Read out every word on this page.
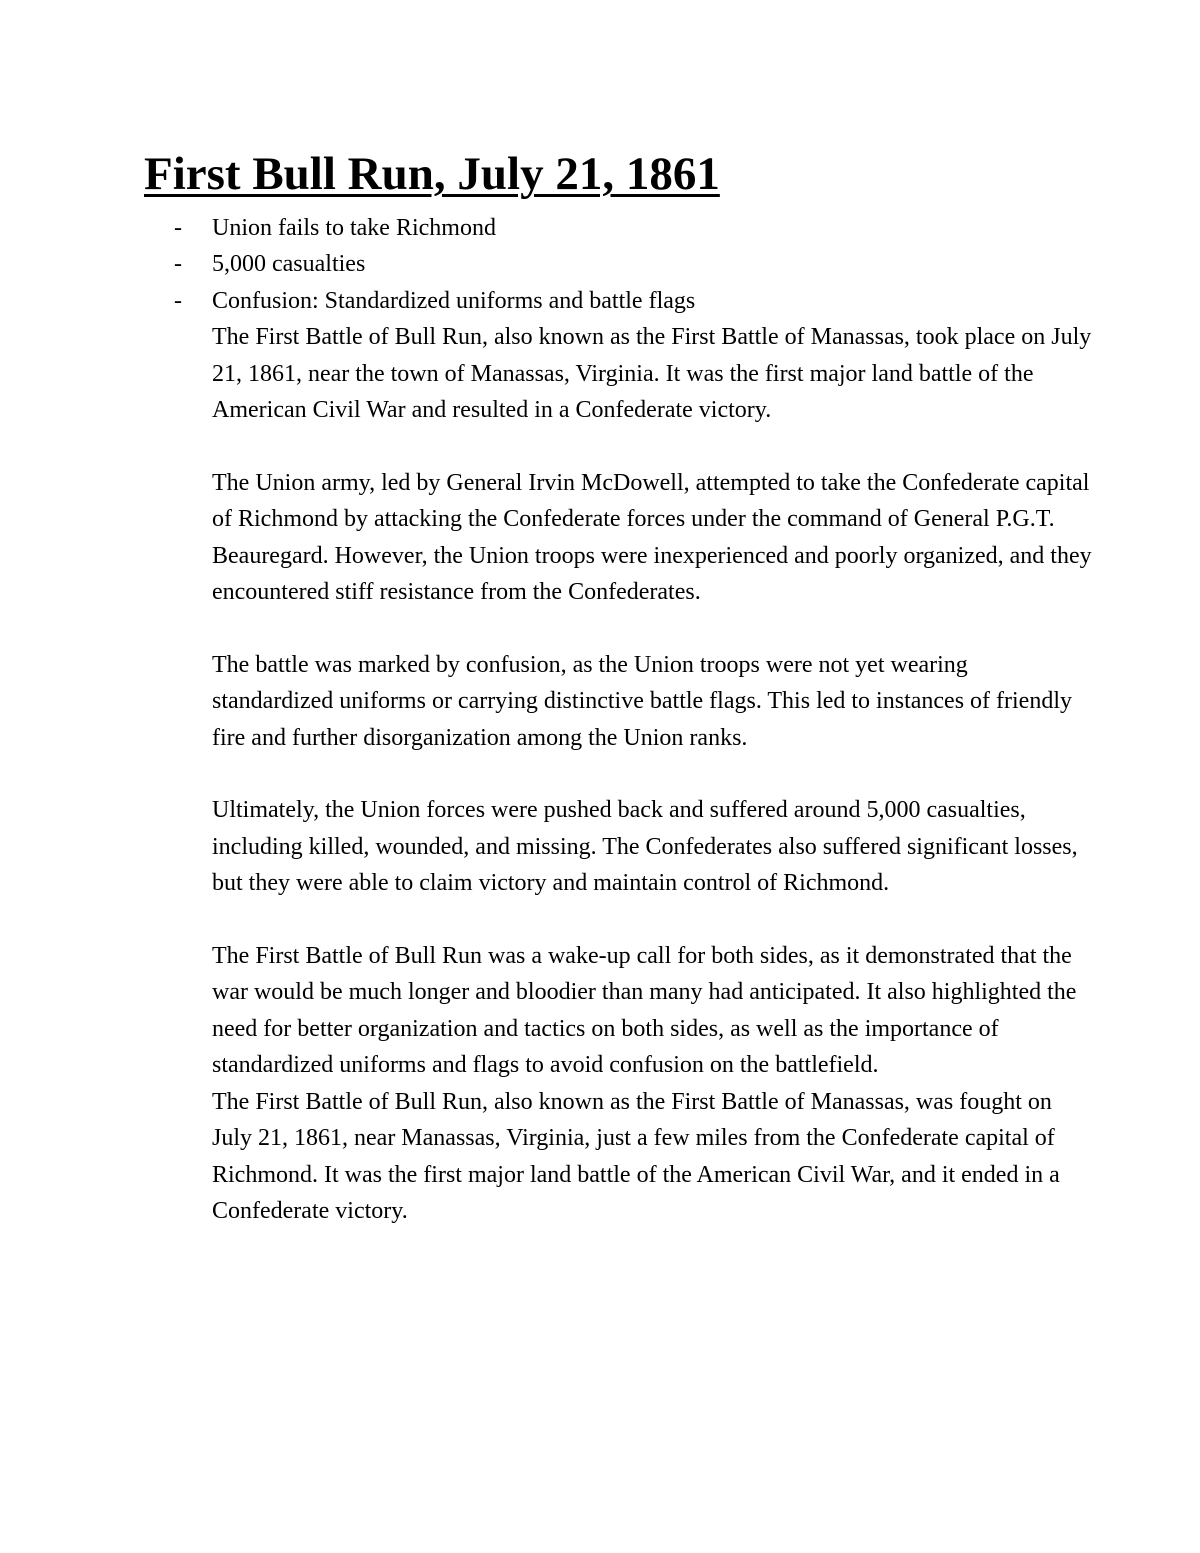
First Bull Run, July 21, 1861
- Union fails to take Richmond
- 5,000 casualties
- Confusion: Standardized uniforms and battle flags

The First Battle of Bull Run, also known as the First Battle of Manassas, took place on July 21, 1861, near the town of Manassas, Virginia. It was the first major land battle of the American Civil War and resulted in a Confederate victory.

The Union army, led by General Irvin McDowell, attempted to take the Confederate capital of Richmond by attacking the Confederate forces under the command of General P.G.T. Beauregard. However, the Union troops were inexperienced and poorly organized, and they encountered stiff resistance from the Confederates.

The battle was marked by confusion, as the Union troops were not yet wearing standardized uniforms or carrying distinctive battle flags. This led to instances of friendly fire and further disorganization among the Union ranks.

Ultimately, the Union forces were pushed back and suffered around 5,000 casualties, including killed, wounded, and missing. The Confederates also suffered significant losses, but they were able to claim victory and maintain control of Richmond.

The First Battle of Bull Run was a wake-up call for both sides, as it demonstrated that the war would be much longer and bloodier than many had anticipated. It also highlighted the need for better organization and tactics on both sides, as well as the importance of standardized uniforms and flags to avoid confusion on the battlefield.

The First Battle of Bull Run, also known as the First Battle of Manassas, was fought on July 21, 1861, near Manassas, Virginia, just a few miles from the Confederate capital of Richmond. It was the first major land battle of the American Civil War, and it ended in a Confederate victory.
